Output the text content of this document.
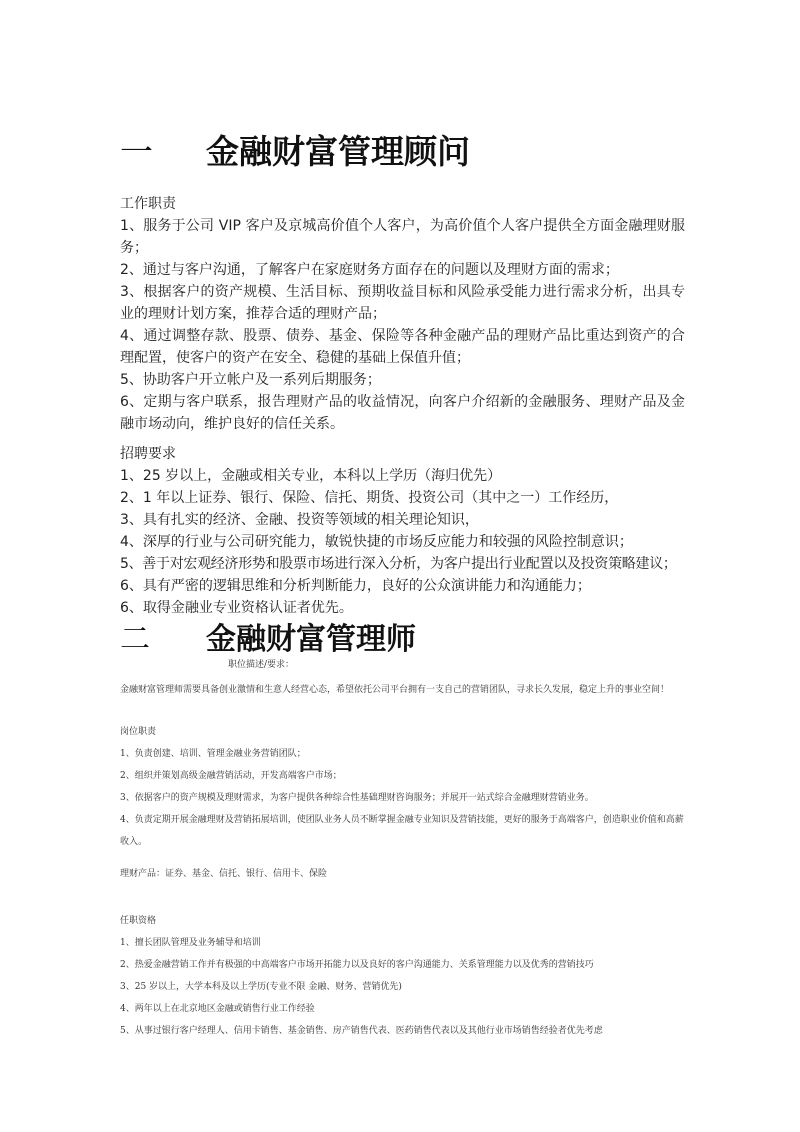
一 金融财富管理顾问

工作职责

1、服务于公司 VIP 客户及京城高价值个人客户，为高价值个人客户提供全方面金融理财服务；

2、通过与客户沟通，了解客户在家庭财务方面存在的问题以及理财方面的需求；

3、根据客户的资产规模、生活目标、预期收益目标和风险承受能力进行需求分析，出具专业的理财计划方案，推荐合适的理财产品；

4、通过调整存款、股票、债券、基金、保险等各种金融产品的理财产品比重达到资产的合理配置，使客户的资产在安全、稳健的基础上保值升值；

5、协助客户开立帐户及一系列后期服务；

6、定期与客户联系，报告理财产品的收益情况，向客户介绍新的金融服务、理财产品及金融市场动向，维护良好的信任关系。

招聘要求

1、25 岁以上，金融或相关专业，本科以上学历（海归优先）

2、1 年以上证券、银行、保险、信托、期货、投资公司（其中之一）工作经历，

3、具有扎实的经济、金融、投资等领域的相关理论知识，

4、深厚的行业与公司研究能力，敏锐快捷的市场反应能力和较强的风险控制意识；

5、善于对宏观经济形势和股票市场进行深入分析，为客户提出行业配置以及投资策略建议；

6、具有严密的逻辑思维和分析判断能力，良好的公众演讲能力和沟通能力；

6、取得金融业专业资格认证者优先。

二 金融财富管理师

职位描述/要求：

金融财富管理师需要具备创业激情和生意人经营心态，希望依托公司平台拥有一支自己的营销团队，寻求长久发展，稳定上升的事业空间！

岗位职责

1、负责创建、培训、管理金融业务营销团队；

2、组织并策划高级金融营销活动，开发高端客户市场；

3、依据客户的资产规模及理财需求，为客户提供各种综合性基础理财咨询服务；并展开一站式综合金融理财营销业务。

4、负责定期开展金融理财及营销拓展培训，使团队业务人员不断掌握金融专业知识及营销技能，更好的服务于高端客户，创造职业价值和高薪收入。

理财产品：证券、基金、信托、银行、信用卡、保险

任职资格

1、擅长团队管理及业务辅导和培训

2、热爱金融营销工作并有极强的中高端客户市场开拓能力以及良好的客户沟通能力、关系管理能力以及优秀的营销技巧

3、25 岁以上，大学本科及以上学历(专业不限 金融、财务、营销优先)

4、两年以上在北京地区金融或销售行业工作经验

5、从事过银行客户经理人、信用卡销售、基金销售、房产销售代表、医药销售代表以及其他行业市场销售经验者优先考虑
